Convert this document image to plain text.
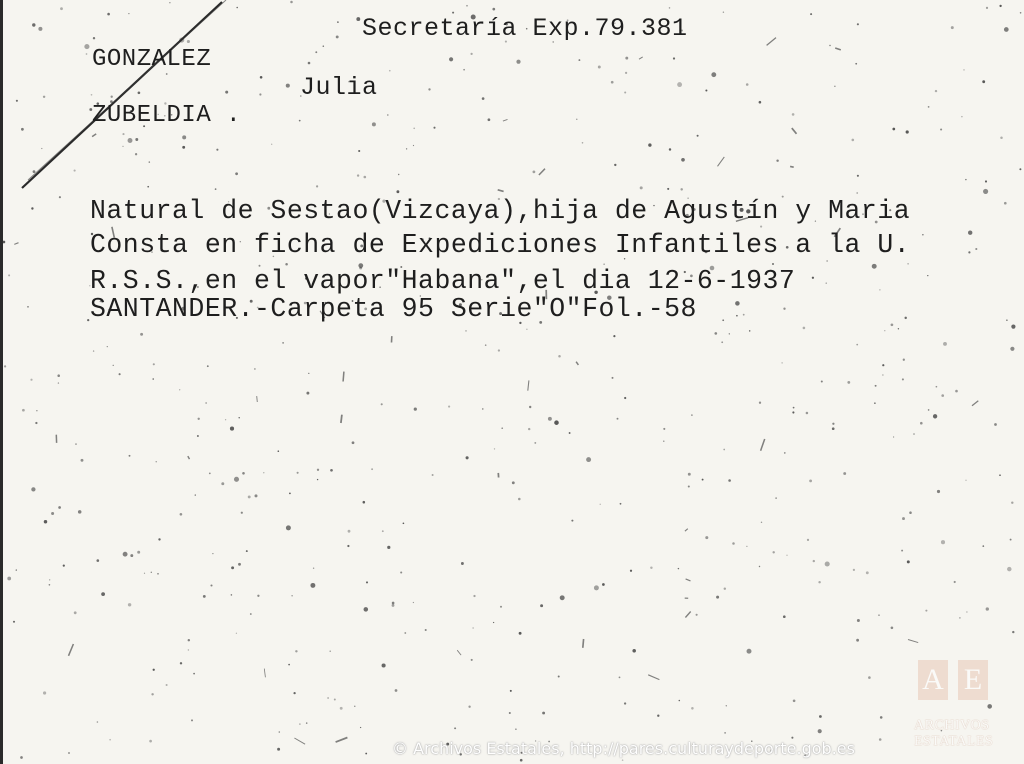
Secretaría Exp.79.381
GONZALEZ
Julia
ZUBELDIA .
Natural de Sestao(Vizcaya),hija de Agustín y Maria
Consta en ficha de Expediciones Infantiles a la U.
R.S.S.,en el vapor"Habana",el dia 12-6-1937
SANTANDER.-Carpeta 95 Serie"O"Fol.-58
A E
ARCHIVOS
ESTATALES
© Archivos Estatales, http://pares.culturaydeporte.gob.es
